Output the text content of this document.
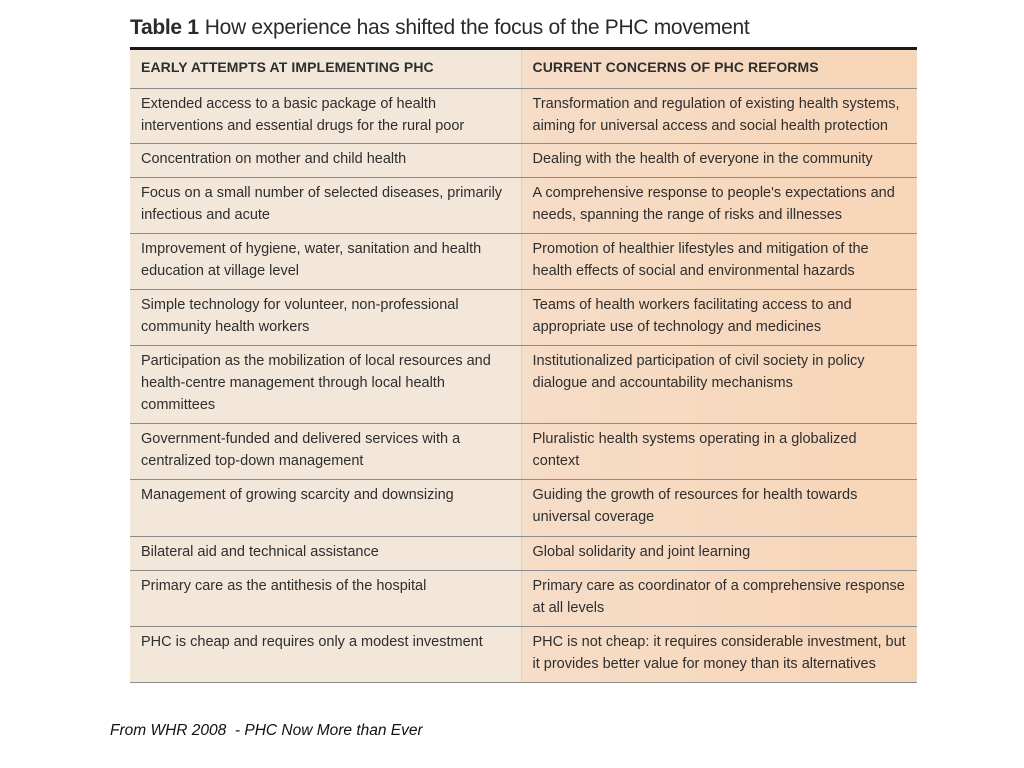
Table 1 How experience has shifted the focus of the PHC movement
EARLY ATTEMPTS AT IMPLEMENTING PHC	CURRENT CONCERNS OF PHC REFORMS
Extended access to a basic package of health interventions and essential drugs for the rural poor	Transformation and regulation of existing health systems, aiming for universal access and social health protection
Concentration on mother and child health	Dealing with the health of everyone in the community
Focus on a small number of selected diseases, primarily infectious and acute	A comprehensive response to people's expectations and needs, spanning the range of risks and illnesses
Improvement of hygiene, water, sanitation and health education at village level	Promotion of healthier lifestyles and mitigation of the health effects of social and environmental hazards
Simple technology for volunteer, non-professional community health workers	Teams of health workers facilitating access to and appropriate use of technology and medicines
Participation as the mobilization of local resources and health-centre management through local health committees	Institutionalized participation of civil society in policy dialogue and accountability mechanisms
Government-funded and delivered services with a centralized top-down management	Pluralistic health systems operating in a globalized context
Management of growing scarcity and downsizing	Guiding the growth of resources for health towards universal coverage
Bilateral aid and technical assistance	Global solidarity and joint learning
Primary care as the antithesis of the hospital	Primary care as coordinator of a comprehensive response at all levels
PHC is cheap and requires only a modest investment	PHC is not cheap: it requires considerable investment, but it provides better value for money than its alternatives
From WHR 2008  - PHC Now More than Ever
